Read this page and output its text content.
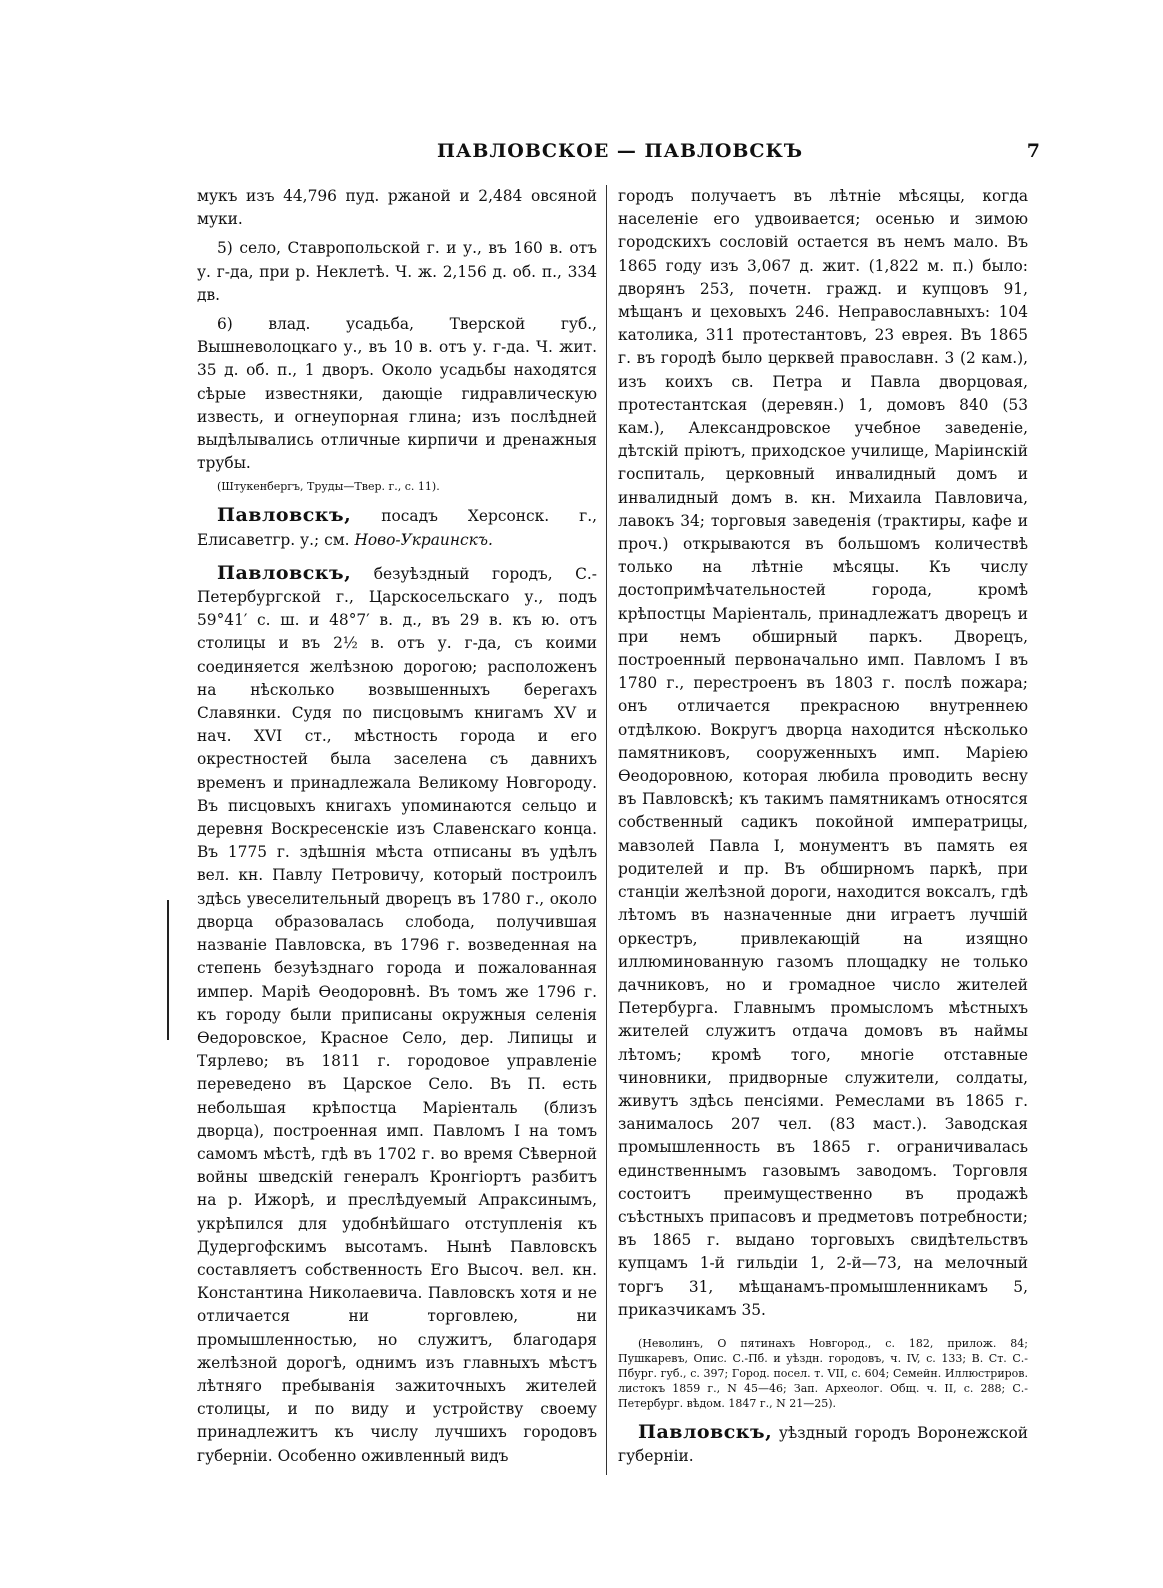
ПАВЛОВСКОЕ — ПАВЛОВСКЪ	7

мукъ изъ 44,796 пуд. ржаной и 2,484 овсяной муки.

5) село, Ставропольской г. и у., въ 160 в. отъ у. г-да, при р. Неклетѣ. Ч. ж. 2,156 д. об. п., 334 дв.

6) влад. усадьба, Тверской губ., Вышневолоцкаго у., въ 10 в. отъ у. г-да. Ч. жит. 35 д. об. п., 1 дворъ. Около усадьбы находятся сѣрые известняки, дающіе гидравлическую известь, и огнеупорная глина; изъ послѣдней выдѣлывались отличные кирпичи и дренажныя трубы.

(Штукенбергъ, Труды—Твер. г., с. 11).

Павловскъ, посадъ Херсонск. г., Елисаветгр. у.; см. Ново-Украинскъ.

Павловскъ, безуѣздный городъ, С.-Петербургской г., Царскосельскаго у., подъ 59°41′ с. ш. и 48°7′ в. д., въ 29 в. къ ю. отъ столицы и въ 2½ в. отъ у. г-да, съ коими соединяется желѣзною дорогою; расположенъ на нѣсколько возвышенныхъ берегахъ Славянки. Судя по писцовымъ книгамъ XV и нач. XVI ст., мѣстность города и его окрестностей была заселена съ давнихъ временъ и принадлежала Великому Новгороду. Въ писцовыхъ книгахъ упоминаются сельцо и деревня Воскресенскіе изъ Славенскаго конца. Въ 1775 г. здѣшнія мѣста отписаны въ удѣлъ вел. кн. Павлу Петровичу, который построилъ здѣсь увеселительный дворецъ въ 1780 г., около дворца образовалась слобода, получившая названіе Павловска, въ 1796 г. возведенная на степень безуѣзднаго города и пожалованная импер. Маріѣ Ѳеодоровнѣ. Въ томъ же 1796 г. къ городу были приписаны окружныя селенія Ѳедоровское, Красное Село, дер. Липицы и Тярлево; въ 1811 г. городовое управленіе переведено въ Царское Село. Въ П. есть небольшая крѣпостца Маріенталь (близъ дворца), построенная имп. Павломъ I на томъ самомъ мѣстѣ, гдѣ въ 1702 г. во время Сѣверной войны шведскій генералъ Кронгіортъ разбитъ на р. Ижорѣ, и преслѣдуемый Апраксинымъ, укрѣпился для удобнѣйшаго отступленія къ Дудергофскимъ высотамъ. Нынѣ Павловскъ составляетъ собственность Его Высоч. вел. кн. Константина Николаевича. Павловскъ хотя и не отличается ни торговлею, ни промышленностью, но служитъ, благодаря желѣзной дорогѣ, однимъ изъ главныхъ мѣстъ лѣтняго пребыванія зажиточныхъ жителей столицы, и по виду и устройству своему принадлежитъ къ числу лучшихъ городовъ губерніи. Особенно оживленный видъ

городъ получаетъ въ лѣтніе мѣсяцы, когда населеніе его удвоивается; осенью и зимою городскихъ сословій остается въ немъ мало. Въ 1865 году изъ 3,067 д. жит. (1,822 м. п.) было: дворянъ 253, почетн. гражд. и купцовъ 91, мѣщанъ и цеховыхъ 246. Неправославныхъ: 104 католика, 311 протестантовъ, 23 еврея. Въ 1865 г. въ городѣ было церквей православн. 3 (2 кам.), изъ коихъ св. Петра и Павла дворцовая, протестантская (деревян.) 1, домовъ 840 (53 кам.), Александровское учебное заведеніе, дѣтскій пріютъ, приходское училище, Маріинскій госпиталь, церковный инвалидный домъ и инвалидный домъ в. кн. Михаила Павловича, лавокъ 34; торговыя заведенія (трактиры, кафе и проч.) открываются въ большомъ количествѣ только на лѣтніе мѣсяцы. Къ числу достопримѣчательностей города, кромѣ крѣпостцы Маріенталь, принадлежатъ дворецъ и при немъ обширный паркъ. Дворецъ, построенный первоначально имп. Павломъ I въ 1780 г., перестроенъ въ 1803 г. послѣ пожара; онъ отличается прекрасною внутреннею отдѣлкою. Вокругъ дворца находится нѣсколько памятниковъ, сооруженныхъ имп. Маріею Ѳеодоровною, которая любила проводить весну въ Павловскѣ; къ такимъ памятникамъ относятся собственный садикъ покойной императрицы, мавзолей Павла I, монументъ въ память ея родителей и пр. Въ обширномъ паркѣ, при станціи желѣзной дороги, находится воксалъ, гдѣ лѣтомъ въ назначенные дни играетъ лучшій оркестръ, привлекающій на изящно иллюминованную газомъ площадку не только дачниковъ, но и громадное число жителей Петербурга. Главнымъ промысломъ мѣстныхъ жителей служитъ отдача домовъ въ наймы лѣтомъ; кромѣ того, многіе отставные чиновники, придворные служители, солдаты, живутъ здѣсь пенсіями. Ремеслами въ 1865 г. занималось 207 чел. (83 маст.). Заводская промышленность въ 1865 г. ограничивалась единственнымъ газовымъ заводомъ. Торговля состоитъ преимущественно въ продажѣ съѣстныхъ припасовъ и предметовъ потребности; въ 1865 г. выдано торговыхъ свидѣтельствъ купцамъ 1-й гильдіи 1, 2-й—73, на мелочный торгъ 31, мѣщанамъ-промышленникамъ 5, приказчикамъ 35.

(Неволинъ, О пятинахъ Новгород., с. 182, прилож. 84; Пушкаревъ, Опис. С.-Пб. и уѣздн. городовъ, ч. IV, с. 133; В. Ст. С.-Пбург. губ., с. 397; Город. посел. т. VII, с. 604; Семейн. Иллюстриров. листокъ 1859 г., N 45—46; Зап. Археолог. Общ. ч. II, с. 288; С.-Петербург. вѣдом. 1847 г., N 21—25).

Павловскъ, уѣздный городъ Воронежской губерніи.
